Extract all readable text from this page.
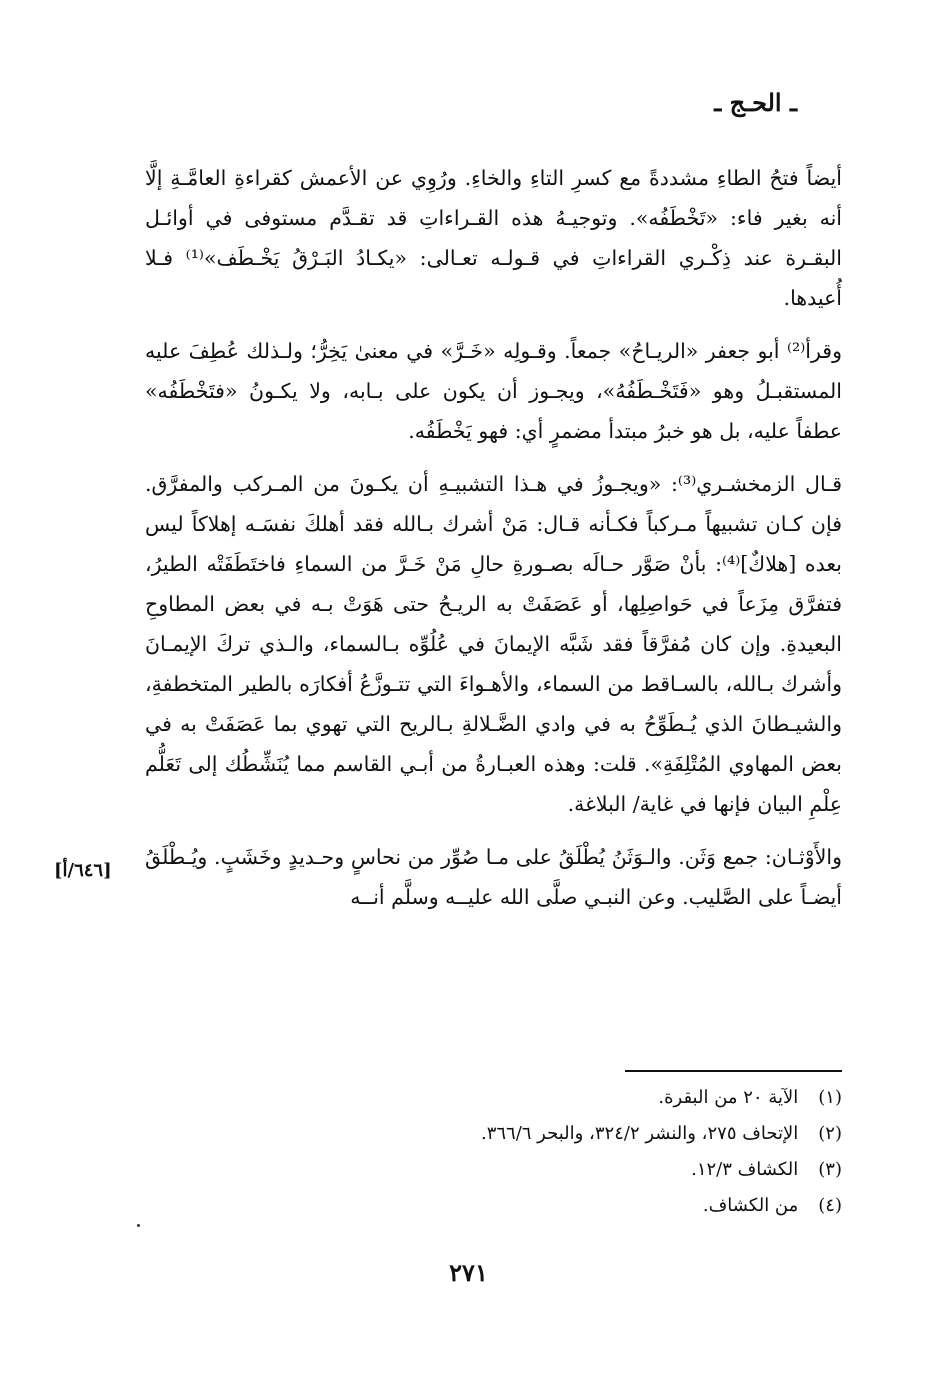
ـ الحـج ـ

أيضاً فتحُ الطاءِ مشددةً مع كسرِ التاءِ والخاءِ. ورُوِي عن الأعمش كقراءةِ العامَّـةِ إلَّا أنه بغير فاء: «تَخْطَفُه». وتوجيـهُ هذه القـراءاتِ قد تقـدَّم مستوفى في أوائـل البقـرة عند ذِكْـري القراءاتِ في قـولـه تعـالى: «يكـادُ البَـرْقُ يَخْـطَف»⁽¹⁾ فـلا أُعيدها.

وقرأ⁽²⁾ أبو جعفر «الريـاحُ» جمعاً. وقـولِه «خَـرَّ» في معنىٰ يَخِرُّ؛ ولـذلك عُطِفَ عليه المستقبـلُ وهو «فَتَخْـطَفُهُ»، ويجـوز أن يكون على بـابه، ولا يكـونُ «فتَخْطَفُه» عطفاً عليه، بل هو خبرُ مبتدأ مضمرٍ أي: فهو يَخْطَفُه.

قـال الزمخشـري⁽³⁾: «ويجـوزُ في هـذا التشبيـهِ أن يكـونَ من المـركب والمفرَّق. فإن كـان تشبيهاً مـركباً فكـأنه قـال: مَنْ أشرك بـالله فقد أهلكَ نفسَـه إهلاكاً ليس بعده [هلاكٌ]⁽⁴⁾: بأنْ صَوَّر حـالَه بصـورةِ حالِ مَنْ خَـرَّ من السماءِ فاختَطَفَتْه الطيرُ، فتفرَّق مِزَعاً في حَواصِلِها، أو عَصَفَتْ به الريـحُ حتى هَوَتْ بـه في بعض المطاوحِ البعيدةِ. وإن كان مُفرَّقاً فقد شَبَّه الإيمانَ في عُلُوِّه بـالسماء، والـذي تركَ الإيمـانَ وأشرك بـالله، بالسـاقط من السماء، والأهـواءَ التي تتـوزَّعُ أفكارَه بالطير المتخطفةِ، والشيـطانَ الذي يُـطَوِّحُ به في وادي الضَّـلالةِ بـالريح التي تهوي بما عَصَفَتْ به في بعض المهاوي المُتْلِفَةِ». قلت: وهذه العبـارةُ من أبـي القاسم مما يُنَشِّطُك إلى تَعَلُّم عِلْمِ البيان فإنها في غاية/ البلاغة.

والأَوْثـان: جمع وَثَن. والـوَثَنُ يُطْلَقُ على مـا صُوِّر من نحاسٍ وحـديدٍ وخَشَبٍ. ويُـطْلَقُ أيضـاً على الصَّليب. وعن النبـي صلَّى الله عليــه وسلَّم أنــه

[٦٤٦/أ]
(١) الآية ٢٠ من البقرة.
(٢) الإتحاف ٢٧٥، والنشر ٣٢٤/٢، والبحر ٣٦٦/٦.
(٣) الكشاف ١٢/٣.
(٤) من الكشاف.
٢٧١
